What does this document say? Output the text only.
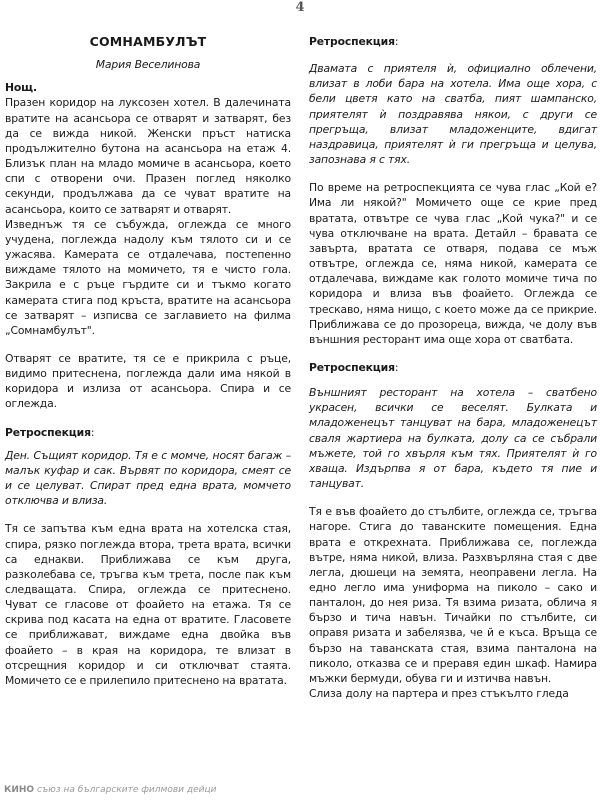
4

СОМНАМБУЛЪТ

Мария Веселинова

Нощ.

Празен коридор на луксозен хотел. В далечината вратите на асансьора се отварят и затварят, без да се вижда никой. Женски пръст натиска продължително бутона на асансьора на етаж 4. Близък план на младо момиче в асансьора, което спи с отворени очи. Празен поглед няколко секунди, продължава да се чуват вратите на асансьора, които се затварят и отварят.

Изведнъж тя се събужда, оглежда се много учудена, поглежда надолу към тялото си и се ужасява. Камерата се отдалечава, постепенно виждаме тялото на момичето, тя е чисто гола. Закрила е с ръце гърдите си и тъкмо когато камерата стига под кръста, вратите на асансьора се затварят – изписва се заглавието на филма „Сомнамбулът".

Отварят се вратите, тя се е прикрила с ръце, видимо притеснена, поглежда дали има някой в коридора и излиза от асансьора. Спира и се оглежда.

Ретроспекция:

Ден. Същият коридор. Тя е с момче, носят багаж –малък куфар и сак. Вървят по коридора, смеят се и се целуват. Спират пред една врата, момчето отключва и влиза.

Тя се запътва към една врата на хотелска стая, спира, рязко поглежда втора, трета врата, всички са еднакви. Приближава се към друга, разколебава се, тръгва към трета, после пак към следващата. Спира, оглежда се притеснено. Чуват се гласове от фоайето на етажа. Тя се скрива под касата на една от вратите. Гласовете се приближават, виждаме една двойка във фоайето – в края на коридора, те влизат в отсрещния коридор и си отключват стаята. Момичето се е прилепило притеснено на вратата.

Ретроспекция:

Двамата с приятеля ѝ, официално облечени, влизат в лоби бара на хотела. Има още хора, с бели цветя като на сватба, пият шампанско, приятелят ѝ поздравява някои, с други се прегръща, влизат младоженците, вдигат наздравица, приятелят ѝ ги прегръща и целува, запознава я с тях.

По време на ретроспекцията се чува глас „Кой е? Има ли някой?" Момичето още се крие пред вратата, отвътре се чува глас „Кой чука?" и се чува отключване на врата. Детайл – бравата се завърта, вратата се отваря, подава се мъж отвътре, оглежда се, няма никой, камерата се отдалечава, виждаме как голото момиче тича по коридора и влиза във фоайето. Оглежда се трескаво, няма нищо, с което може да се прикрие. Приближава се до прозореца, вижда, че долу във външния ресторант има още хора от сватбата.

Ретроспекция:

Външният ресторант на хотела – сватбено украсен, всички се веселят. Булката и младоженецът танцуват на бара, младоженецът сваля жартиера на булката, долу са се събрали мъжете, той го хвърля към тях. Приятелят ѝ го хваща. Издърпва я от бара, където тя пие и танцуват.

Тя е във фоайето до стълбите, оглежда се, тръгва нагоре. Стига до таванските помещения. Една врата е открехната. Приближава се, поглежда вътре, няма никой, влиза. Разхвърляна стая с две легла, дюшеци на земята, неоправени легла. На едно легло има униформа на пиколо – сако и панталон, до нея риза. Тя взима ризата, облича я бързо и тича навън. Тичайки по стълбите, си оправя ризата и забелязва, че й е къса. Връща се бързо на таванската стая, взима панталона на пиколо, отказва се и преравя един шкаф. Намира мъжки бермуди, обува ги и изтичва навън.

Слиза долу на партера и през стъкълто гледа

КИНО съюз на българските филмови дейци
